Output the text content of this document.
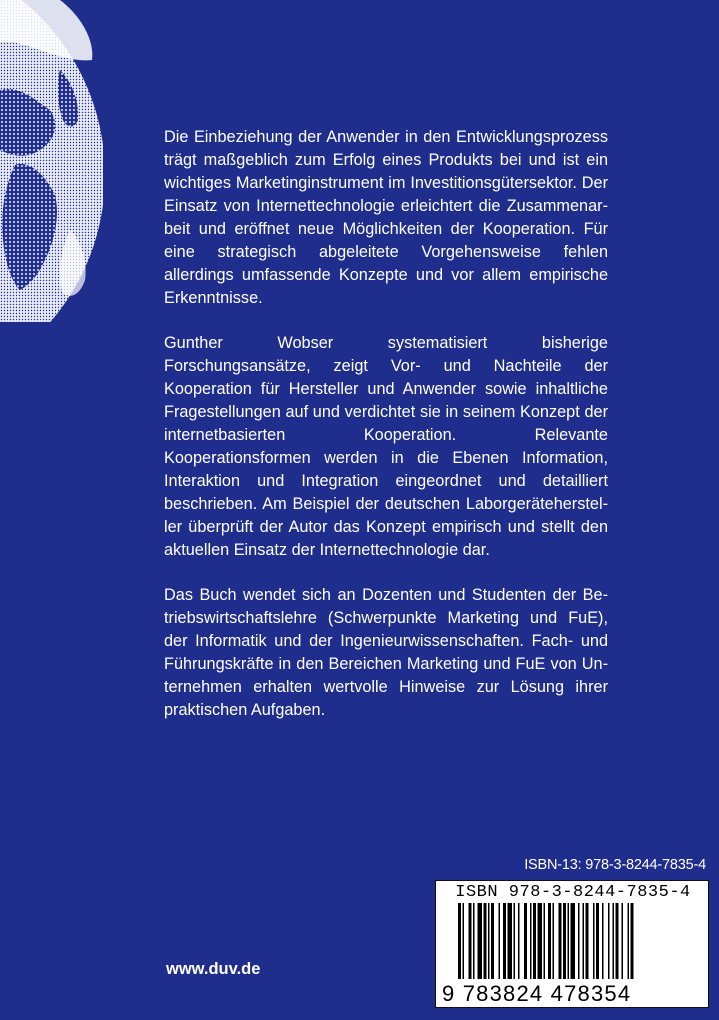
Die Einbeziehung der Anwender in den Entwicklungsprozess trägt maßgeblich zum Erfolg eines Produkts bei und ist ein wichtiges Marketinginstrument im Investitionsgütersektor. Der Einsatz von Internettechnologie erleichtert die Zusammenarbeit und eröffnet neue Möglichkeiten der Kooperation. Für eine strategisch abgeleitete Vorgehensweise fehlen allerdings umfassende Konzepte und vor allem empirische Erkenntnisse.

Gunther Wobser systematisiert bisherige Forschungsansätze, zeigt Vor- und Nachteile der Kooperation für Hersteller und Anwender sowie inhaltliche Fragestellungen auf und verdichtet sie in seinem Konzept der internetbasierten Kooperation. Relevante Kooperationsformen werden in die Ebenen Information, Interaktion und Integration eingeordnet und detailliert beschrieben. Am Beispiel der deutschen Laborgerätehersteller überprüft der Autor das Konzept empirisch und stellt den aktuellen Einsatz der Internettechnologie dar.

Das Buch wendet sich an Dozenten und Studenten der Betriebswirtschaftslehre (Schwerpunkte Marketing und FuE), der Informatik und der Ingenieurwissenschaften. Fach- und Führungskräfte in den Bereichen Marketing und FuE von Unternehmen erhalten wertvolle Hinweise zur Lösung ihrer praktischen Aufgaben.

ISBN-13: 978-3-8244-7835-4
ISBN 978-3-8244-7835-4
9 783824 478354
www.duv.de
